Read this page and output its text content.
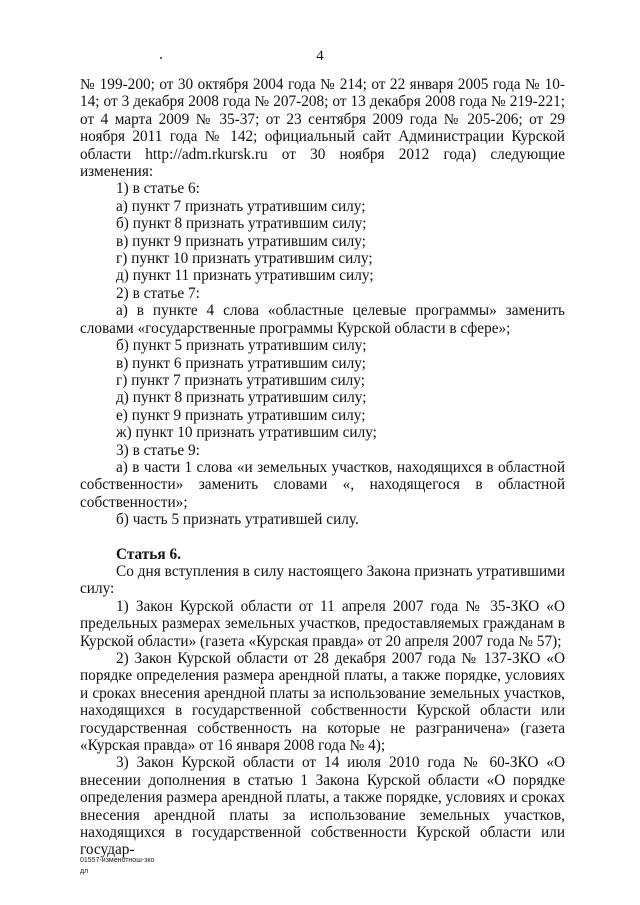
4

№ 199-200; от 30 октября 2004 года № 214; от 22 января 2005 года № 10-14; от 3 декабря 2008 года № 207-208; от 13 декабря 2008 года № 219-221; от 4 марта 2009 № 35-37; от 23 сентября 2009 года № 205-206; от 29 ноября 2011 года № 142; официальный сайт Администрации Курской области http://adm.rkursk.ru от 30 ноября 2012 года) следующие изменения:

1) в статье 6:

а) пункт 7 признать утратившим силу;

б) пункт 8 признать утратившим силу;

в) пункт 9 признать утратившим силу;

г) пункт 10 признать утратившим силу;

д) пункт 11 признать утратившим силу;

2) в статье 7:

а) в пункте 4 слова «областные целевые программы» заменить словами «государственные программы Курской области в сфере»;

б) пункт 5 признать утратившим силу;

в) пункт 6 признать утратившим силу;

г) пункт 7 признать утратившим силу;

д) пункт 8 признать утратившим силу;

е) пункт 9 признать утратившим силу;

ж) пункт 10 признать утратившим силу;

3) в статье 9:

а) в части 1 слова «и земельных участков, находящихся в областной собственности» заменить словами «, находящегося в областной собственности»;

б) часть 5 признать утратившей силу.

Статья 6.

Со дня вступления в силу настоящего Закона признать утратившими силу:

1) Закон Курской области от 11 апреля 2007 года № 35-ЗКО «О предельных размерах земельных участков, предоставляемых гражданам в Курской области» (газета «Курская правда» от 20 апреля 2007 года № 57);

2) Закон Курской области от 28 декабря 2007 года № 137-ЗКО «О порядке определения размера арендной платы, а также порядке, условиях и сроках внесения арендной платы за использование земельных участков, находящихся в государственной собственности Курской области или государственная собственность на которые не разграничена» (газета «Курская правда» от 16 января 2008 года № 4);

3) Закон Курской области от 14 июля 2010 года № 60-ЗКО «О внесении дополнения в статью 1 Закона Курской области «О порядке определения размера арендной платы, а также порядке, условиях и сроках внесения арендной платы за использование земельных участков, находящихся в государственной собственности Курской области или государ-

01557-изменотнош-зко
дл
